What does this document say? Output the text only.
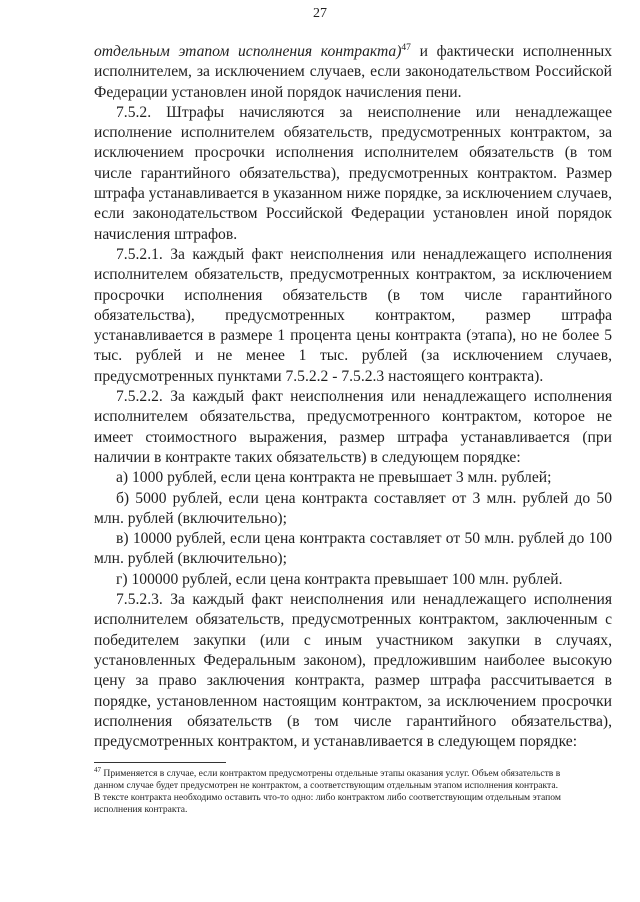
27

отдельным этапом исполнения контракта)$^{47}$ и фактически исполненных исполнителем, за исключением случаев, если законодательством Российской Федерации установлен иной порядок начисления пени.

7.5.2. Штрафы начисляются за неисполнение или ненадлежащее исполнение исполнителем обязательств, предусмотренных контрактом, за исключением просрочки исполнения исполнителем обязательств (в том числе гарантийного обязательства), предусмотренных контрактом. Размер штрафа устанавливается в указанном ниже порядке, за исключением случаев, если законодательством Российской Федерации установлен иной порядок начисления штрафов.

7.5.2.1. За каждый факт неисполнения или ненадлежащего исполнения исполнителем обязательств, предусмотренных контрактом, за исключением просрочки исполнения обязательств (в том числе гарантийного обязательства), предусмотренных контрактом, размер штрафа устанавливается в размере 1 процента цены контракта (этапа), но не более 5 тыс. рублей и не менее 1 тыс. рублей (за исключением случаев, предусмотренных пунктами 7.5.2.2 - 7.5.2.3 настоящего контракта).

7.5.2.2. За каждый факт неисполнения или ненадлежащего исполнения исполнителем обязательства, предусмотренного контрактом, которое не имеет стоимостного выражения, размер штрафа устанавливается (при наличии в контракте таких обязательств) в следующем порядке:

а) 1000 рублей, если цена контракта не превышает 3 млн. рублей;

б) 5000 рублей, если цена контракта составляет от 3 млн. рублей до 50 млн. рублей (включительно);

в) 10000 рублей, если цена контракта составляет от 50 млн. рублей до 100 млн. рублей (включительно);

г) 100000 рублей, если цена контракта превышает 100 млн. рублей.

7.5.2.3. За каждый факт неисполнения или ненадлежащего исполнения исполнителем обязательств, предусмотренных контрактом, заключенным с победителем закупки (или с иным участником закупки в случаях, установленных Федеральным законом), предложившим наиболее высокую цену за право заключения контракта, размер штрафа рассчитывается в порядке, установленном настоящим контрактом, за исключением просрочки исполнения обязательств (в том числе гарантийного обязательства), предусмотренных контрактом, и устанавливается в следующем порядке:

$^{47}$ Применяется в случае, если контрактом предусмотрены отдельные этапы оказания услуг. Объем обязательств в данном случае будет предусмотрен не контрактом, а соответствующим отдельным этапом исполнения контракта. В тексте контракта необходимо оставить что-то одно: либо контрактом либо соответствующим отдельным этапом исполнения контракта.
